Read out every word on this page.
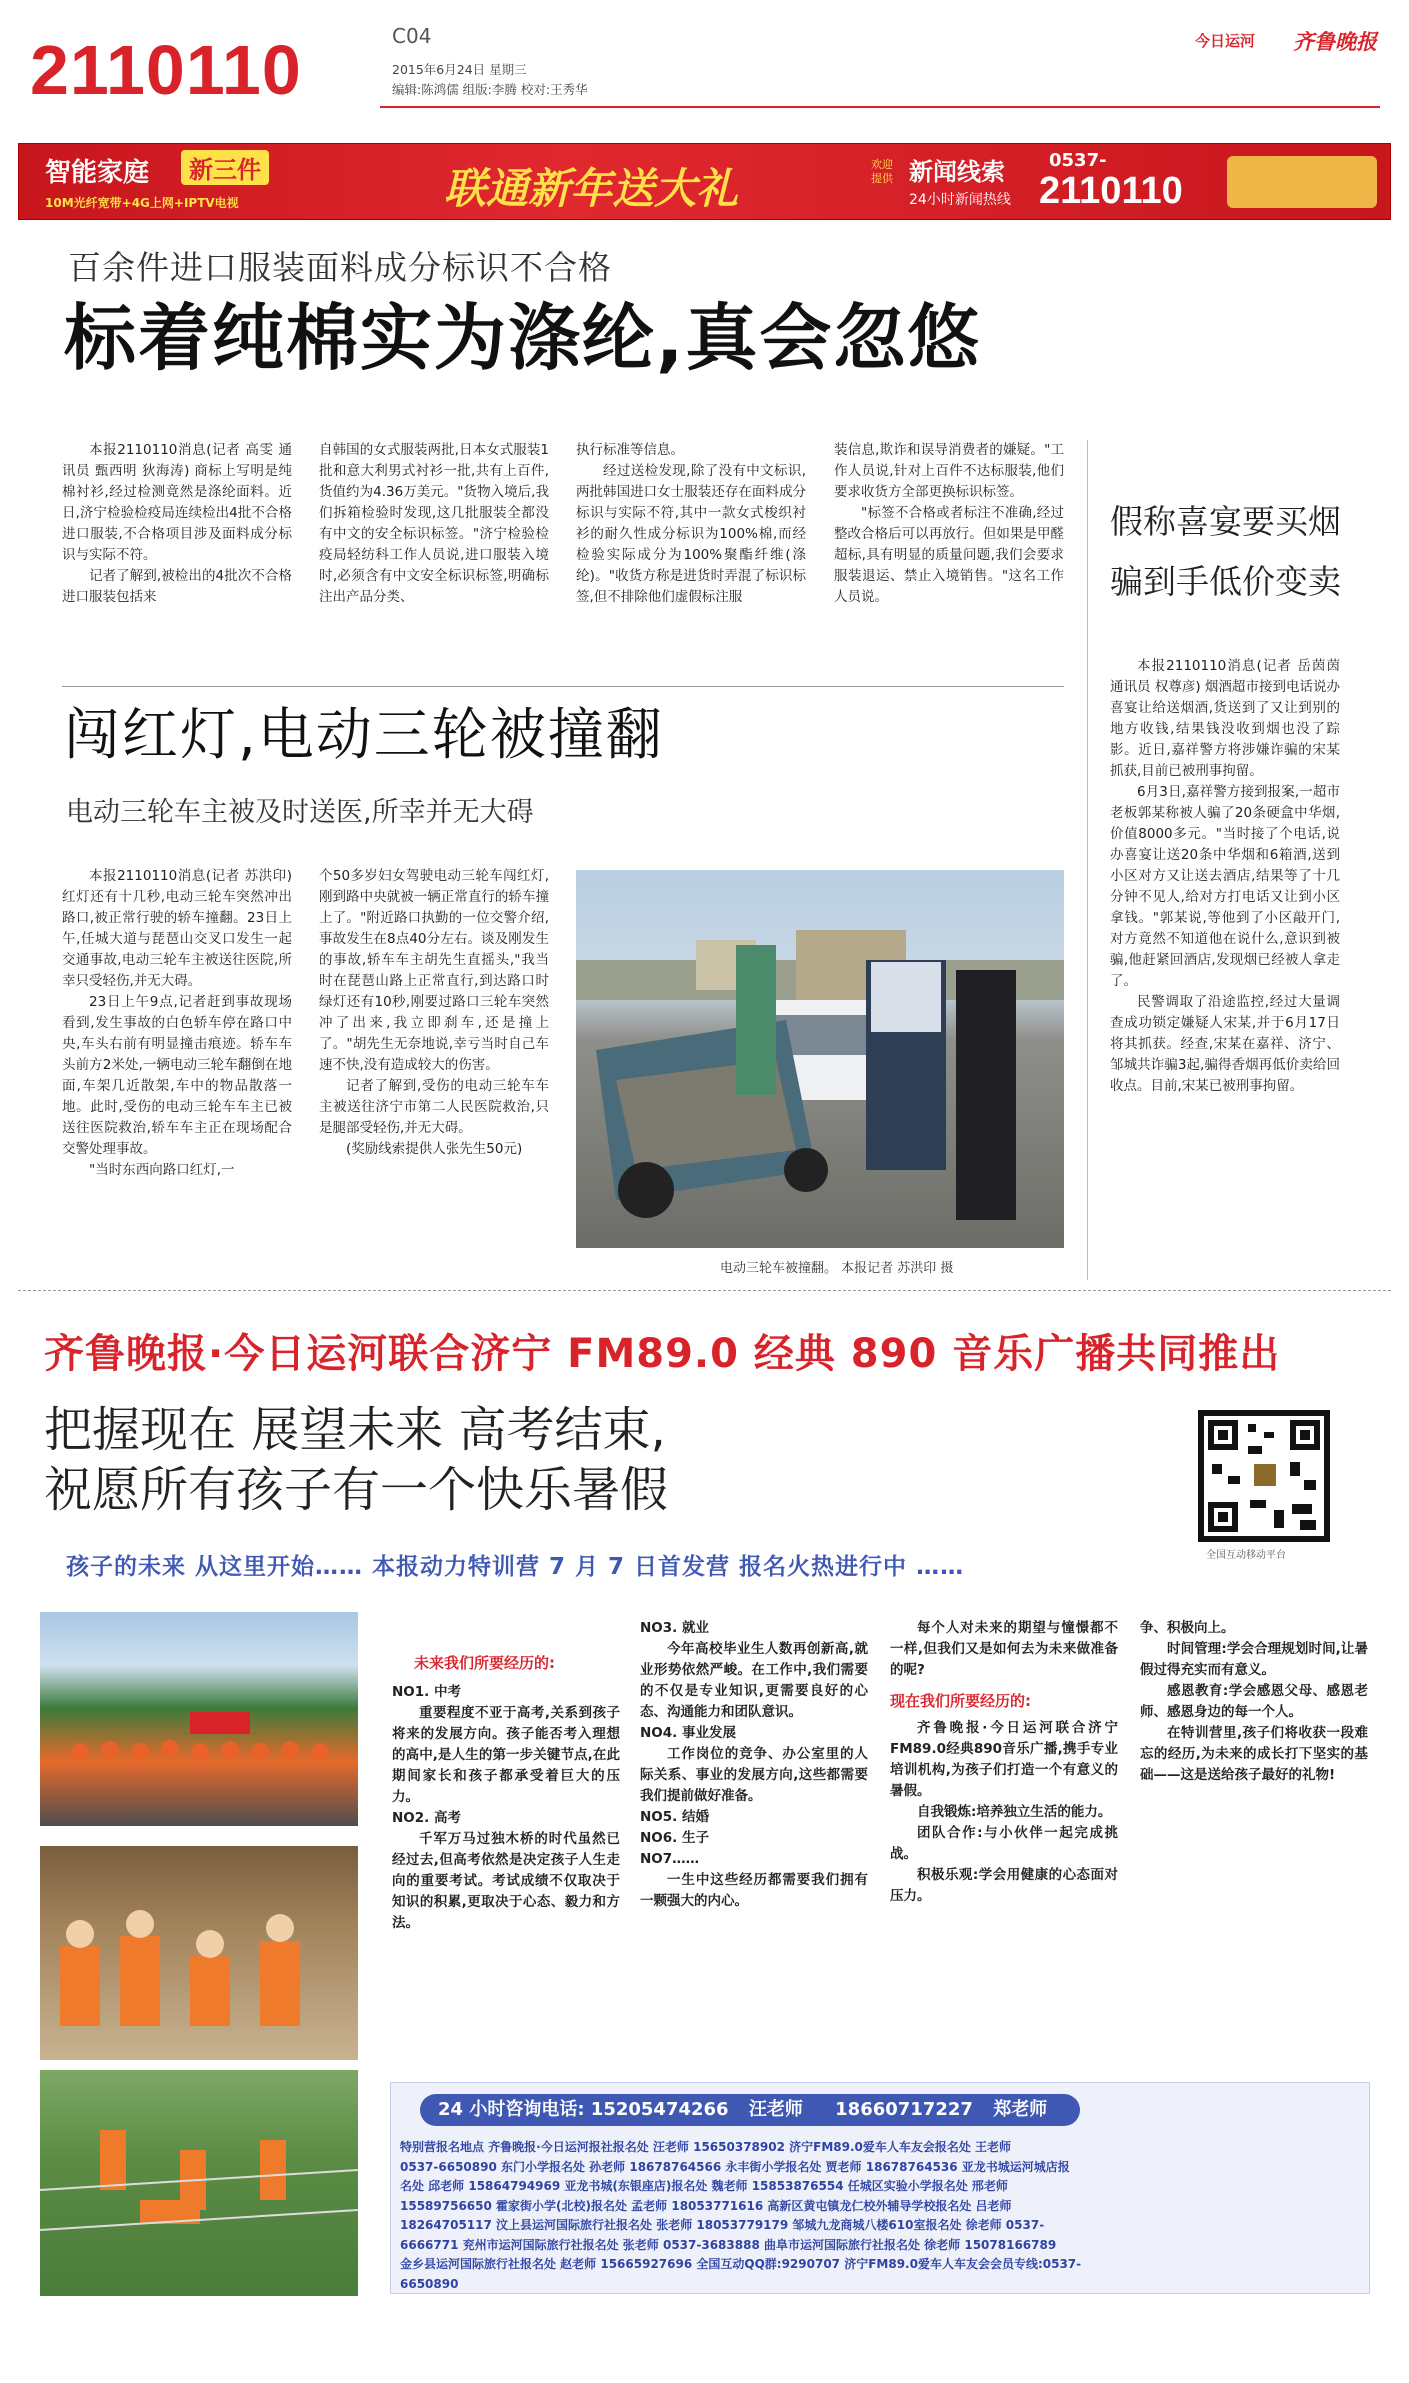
2110110	C04
2015年6月24日 星期三
编辑:陈鸿儒 组版:李腾 校对:王秀华
今日运河 齐鲁晚报
智能家庭	新三件
10M光纤宽带+4G上网+IPTV电视	联通新年送大礼	欢迎提供 新闻线索
24小时新闻热线
0537-
2110110
百余件进口服装面料成分标识不合格
标着纯棉实为涤纶,真会忽悠

本报2110110消息(记者 高雯 通讯员 甄西明 狄海涛) 商标上写明是纯棉衬衫,经过检测竟然是涤纶面料。近日,济宁检验检疫局连续检出4批不合格进口服装,不合格项目涉及面料成分标识与实际不符。

记者了解到,被检出的4批次不合格进口服装包括来

自韩国的女式服装两批,日本女式服装1批和意大利男式衬衫一批,共有上百件,货值约为4.36万美元。"货物入境后,我们拆箱检验时发现,这几批服装全都没有中文的安全标识标签。"济宁检验检疫局轻纺科工作人员说,进口服装入境时,必须含有中文安全标识标签,明确标注出产品分类、

执行标准等信息。

经过送检发现,除了没有中文标识,两批韩国进口女士服装还存在面料成分标识与实际不符,其中一款女式梭织衬衫的耐久性成分标识为100%棉,而经检验实际成分为100%聚酯纤维(涤纶)。"收货方称是进货时弄混了标识标签,但不排除他们虚假标注服

装信息,欺诈和误导消费者的嫌疑。"工作人员说,针对上百件不达标服装,他们要求收货方全部更换标识标签。

"标签不合格或者标注不准确,经过整改合格后可以再放行。但如果是甲醛超标,具有明显的质量问题,我们会要求服装退运、禁止入境销售。"这名工作人员说。

假称喜宴要买烟
骗到手低价变卖

本报2110110消息(记者 岳茵茵 通讯员 权尊彦) 烟酒超市接到电话说办喜宴让给送烟酒,货送到了又让到别的地方收钱,结果钱没收到烟也没了踪影。近日,嘉祥警方将涉嫌诈骗的宋某抓获,目前已被刑事拘留。

6月3日,嘉祥警方接到报案,一超市老板郭某称被人骗了20条硬盒中华烟,价值8000多元。"当时接了个电话,说办喜宴让送20条中华烟和6箱酒,送到小区对方又让送去酒店,结果等了十几分钟不见人,给对方打电话又让到小区拿钱。"郭某说,等他到了小区敲开门,对方竟然不知道他在说什么,意识到被骗,他赶紧回酒店,发现烟已经被人拿走了。

民警调取了沿途监控,经过大量调查成功锁定嫌疑人宋某,并于6月17日将其抓获。经查,宋某在嘉祥、济宁、邹城共诈骗3起,骗得香烟再低价卖给回收点。目前,宋某已被刑事拘留。

闯红灯,电动三轮被撞翻
电动三轮车主被及时送医,所幸并无大碍

本报2110110消息(记者 苏洪印) 红灯还有十几秒,电动三轮车突然冲出路口,被正常行驶的轿车撞翻。23日上午,任城大道与琵琶山交叉口发生一起交通事故,电动三轮车主被送往医院,所幸只受轻伤,并无大碍。

23日上午9点,记者赶到事故现场看到,发生事故的白色轿车停在路口中央,车头右前有明显撞击痕迹。轿车车头前方2米处,一辆电动三轮车翻倒在地面,车架几近散架,车中的物品散落一地。此时,受伤的电动三轮车车主已被送往医院救治,轿车车主正在现场配合交警处理事故。

"当时东西向路口红灯,一

个50多岁妇女驾驶电动三轮车闯红灯,刚到路中央就被一辆正常直行的轿车撞上了。"附近路口执勤的一位交警介绍,事故发生在8点40分左右。谈及刚发生的事故,轿车车主胡先生直摇头,"我当时在琵琶山路上正常直行,到达路口时绿灯还有10秒,刚要过路口三轮车突然冲了出来,我立即刹车,还是撞上了。"胡先生无奈地说,幸亏当时自己车速不快,没有造成较大的伤害。

记者了解到,受伤的电动三轮车车主被送往济宁市第二人民医院救治,只是腿部受轻伤,并无大碍。

(奖励线索提供人张先生50元)

电动三轮车被撞翻。 本报记者 苏洪印 摄
齐鲁晚报·今日运河联合济宁 FM89.0 经典 890 音乐广播共同推出
把握现在 展望未来 高考结束,
祝愿所有孩子有一个快乐暑假
全国互动移动平台
孩子的未来 从这里开始…… 本报动力特训营 7 月 7 日首发营 报名火热进行中 ……
未来我们所要经历的:

NO1. 中考

重要程度不亚于高考,关系到孩子将来的发展方向。孩子能否考入理想的高中,是人生的第一步关键节点,在此期间家长和孩子都承受着巨大的压力。

NO2. 高考

千军万马过独木桥的时代虽然已经过去,但高考依然是决定孩子人生走向的重要考试。考试成绩不仅取决于知识的积累,更取决于心态、毅力和方法。

NO3. 就业

今年高校毕业生人数再创新高,就业形势依然严峻。在工作中,我们需要的不仅是专业知识,更需要良好的心态、沟通能力和团队意识。

NO4. 事业发展

工作岗位的竞争、办公室里的人际关系、事业的发展方向,这些都需要我们提前做好准备。

NO5. 结婚

NO6. 生子

NO7……

一生中这些经历都需要我们拥有一颗强大的内心。

每个人对未来的期望与憧憬都不一样,但我们又是如何去为未来做准备的呢?

现在我们所要经历的:

齐鲁晚报·今日运河联合济宁FM89.0经典890音乐广播,携手专业培训机构,为孩子们打造一个有意义的暑假。

自我锻炼:培养独立生活的能力。

团队合作:与小伙伴一起完成挑战。

积极乐观:学会用健康的心态面对压力。

争、积极向上。

时间管理:学会合理规划时间,让暑假过得充实而有意义。

感恩教育:学会感恩父母、感恩老师、感恩身边的每一个人。

在特训营里,孩子们将收获一段难忘的经历,为未来的成长打下坚实的基础——这是送给孩子最好的礼物!

24 小时咨询电话: 15205474266 汪老师 18660717227 郑老师
特别营报名地点 齐鲁晚报·今日运河报社报名处 汪老师 15650378902 济宁FM89.0爱车人车友会报名处 王老师
0537-6650890 东门小学报名处 孙老师 18678764566 永丰街小学报名处 贾老师 18678764536 亚龙书城运河城店报
名处 邱老师 15864794969 亚龙书城(东银座店)报名处 魏老师 15853876554 任城区实验小学报名处 邢老师
15589756650 霍家街小学(北校)报名处 孟老师 18053771616 高新区黄屯镇龙仁校外辅导学校报名处 吕老师
18264705117 汶上县运河国际旅行社报名处 张老师 18053779179 邹城九龙商城八楼610室报名处 徐老师 0537-
6666771 兖州市运河国际旅行社报名处 张老师 0537-3683888 曲阜市运河国际旅行社报名处 徐老师 15078166789
金乡县运河国际旅行社报名处 赵老师 15665927696 全国互动QQ群:9290707 济宁FM89.0爱车人车友会会员专线:0537-
6650890
